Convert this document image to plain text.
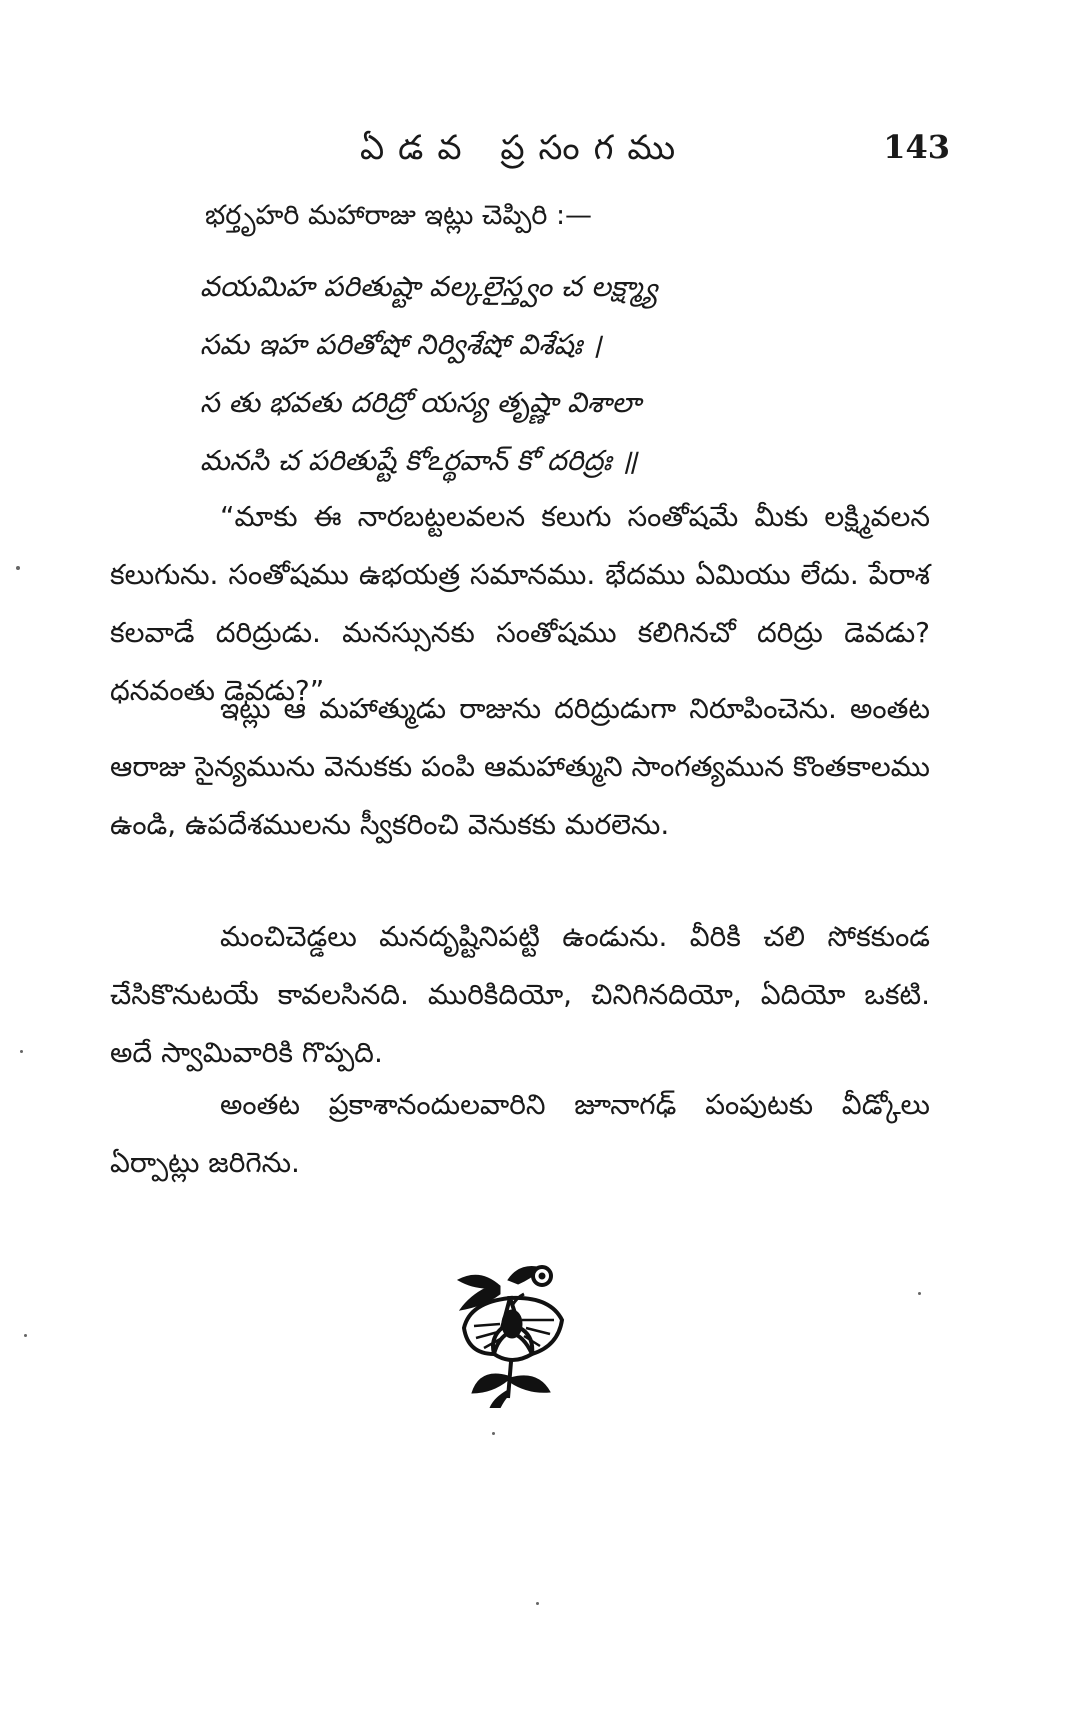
ఏడవ ప్రసంగము	143
భర్తృహరి మహారాజు ఇట్లు చెప్పిరి :—
వయమిహ పరితుష్టా వల్కలైస్త్వం చ లక్ష్మ్యా
సమ ఇహ పరితోషో నిర్విశేషో విశేషః ।
స తు భవతు దరిద్రో యస్య తృష్ణా విశాలా
మనసి చ పరితుష్టే కోఽర్థవాన్ కో దరిద్రః ॥

“మాకు ఈ నారబట్టలవలన కలుగు సంతోషమే మీకు లక్ష్మివలన కలుగును. సంతోషము ఉభయత్ర సమానము. భేదము ఏమియు లేదు. పేరాశ కలవాడే దరిద్రుడు. మనస్సునకు సంతోషము కలిగినచో దరిద్రు డెవడు? ధనవంతు డెవడు?”

ఇట్లు ఆ మహాత్ముడు రాజును దరిద్రుడుగా నిరూపించెను. అంతట ఆరాజు సైన్యమును వెనుకకు పంపి ఆమహాత్ముని సాంగత్యమున కొంతకాలము ఉండి, ఉపదేశములను స్వీకరించి వెనుకకు మరలెను.

మంచిచెడ్డలు మనదృష్టినిపట్టి ఉండును. వీరికి చలి సోకకుండ చేసికొనుటయే కావలసినది. మురికిదియో, చినిగినదియో, ఏదియో ఒకటి. అదే స్వామివారికి గొప్పది.

అంతట ప్రకాశానందులవారిని జూనాగఢ్ పంపుటకు వీడ్కోలు ఏర్పాట్లు జరిగెను.
